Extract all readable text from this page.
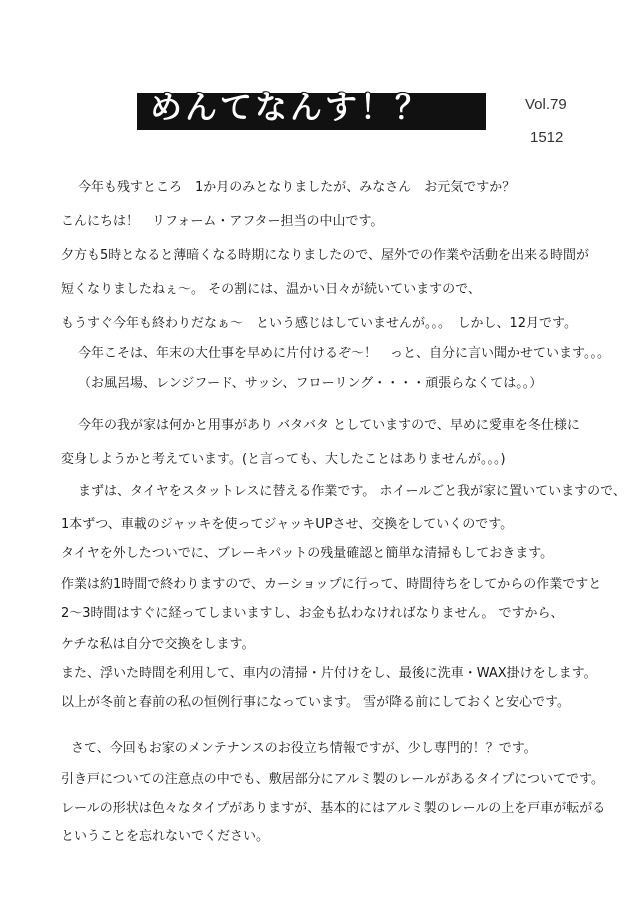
めんてなんす！？	Vol.79
1512
今年も残すところ　1か月のみとなりましたが、みなさん　お元気ですか？
こんにちは！　リフォーム・アフター担当の中山です。
夕方も5時となると薄暗くなる時期になりましたので、屋外での作業や活動を出来る時間が
短くなりましたねぇ～。 その割には、温かい日々が続いていますので、
もうすぐ今年も終わりだなぁ～　という感じはしていませんが。。。　しかし、12月です。
今年こそは、年末の大仕事を早めに片付けるぞ～！　っと、自分に言い聞かせています。。。
（お風呂場、レンジフード、サッシ、フローリング・・・・頑張らなくては。。）
今年の我が家は何かと用事があり バタバタ としていますので、早めに愛車を冬仕様に
変身しようかと考えています。(と言っても、大したことはありませんが。。。)
まずは、タイヤをスタットレスに替える作業です。 ホイールごと我が家に置いていますので、
1本ずつ、車載のジャッキを使ってジャッキUPさせ、交換をしていくのです。
タイヤを外したついでに、ブレーキパットの残量確認と簡単な清掃もしておきます。
作業は約1時間で終わりますので、カーショップに行って、時間待ちをしてからの作業ですと
2～3時間はすぐに経ってしまいますし、お金も払わなければなりません。 ですから、
ケチな私は自分で交換をします。
また、浮いた時間を利用して、車内の清掃・片付けをし、最後に洗車・WAX掛けをします。
以上が冬前と春前の私の恒例行事になっています。 雪が降る前にしておくと安心です。
さて、今回もお家のメンテナンスのお役立ち情報ですが、少し専門的！？です。
引き戸についての注意点の中でも、敷居部分にアルミ製のレールがあるタイプについてです。
レールの形状は色々なタイプがありますが、基本的にはアルミ製のレールの上を戸車が転がる
ということを忘れないでください。
